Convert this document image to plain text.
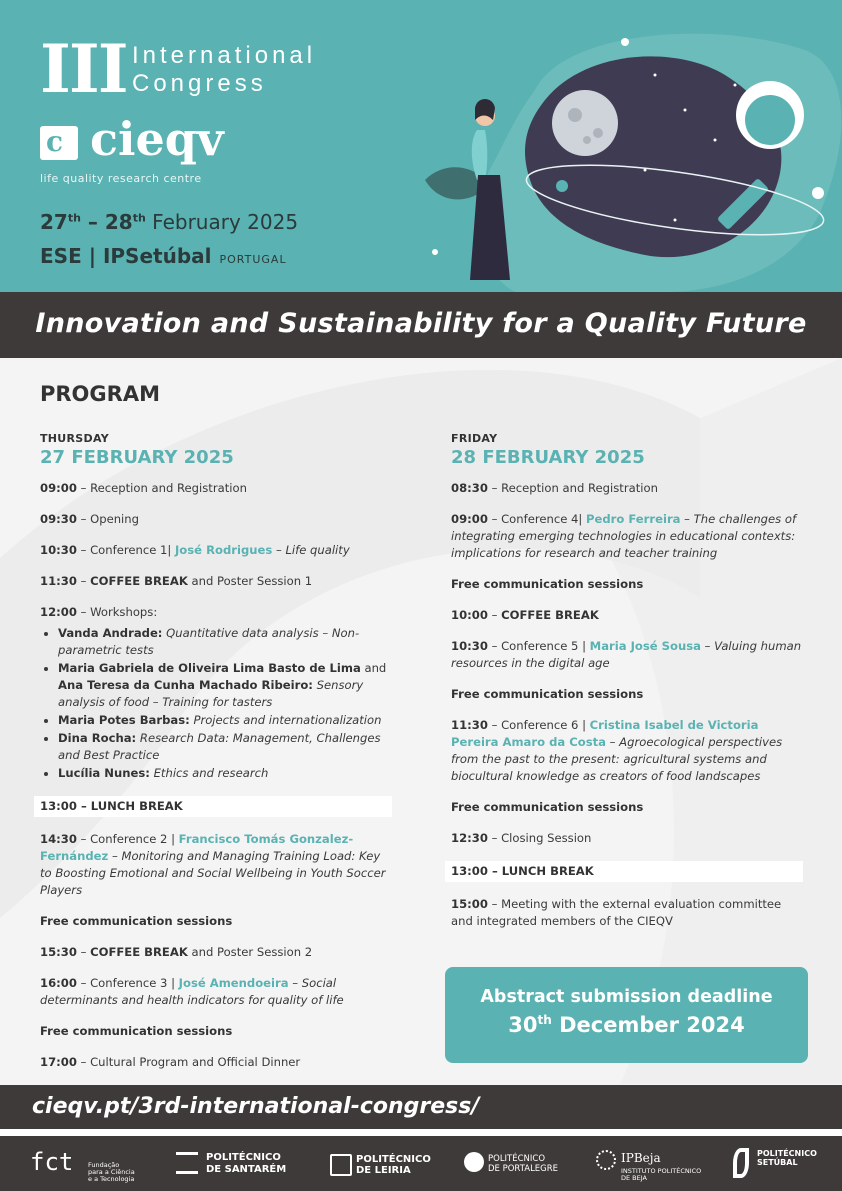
III International
Congress
c cieqv
life quality research centre
27th – 28th February 2025
ESE | IPSetúbal PORTUGAL
Innovation and Sustainability for a Quality Future
PROGRAM
THURSDAY
27 FEBRUARY 2025
09:00 – Reception and Registration
09:30 – Opening
10:30 – Conference 1| José Rodrigues – Life quality
11:30 – COFFEE BREAK and Poster Session 1
12:00 – Workshops:
• Vanda Andrade: Quantitative data analysis – Non-parametric tests
• Maria Gabriela de Oliveira Lima Basto de Lima and Ana Teresa da Cunha Machado Ribeiro: Sensory analysis of food – Training for tasters
• Maria Potes Barbas: Projects and internationalization
• Dina Rocha: Research Data: Management, Challenges and Best Practice
• Lucília Nunes: Ethics and research
13:00 – LUNCH BREAK
14:30 – Conference 2 | Francisco Tomás Gonzalez-Fernández – Monitoring and Managing Training Load: Key to Boosting Emotional and Social Wellbeing in Youth Soccer Players
Free communication sessions
15:30 – COFFEE BREAK and Poster Session 2
16:00 – Conference 3 | José Amendoeira – Social determinants and health indicators for quality of life
Free communication sessions
17:00 – Cultural Program and Official Dinner
FRIDAY
28 FEBRUARY 2025
08:30 – Reception and Registration
09:00 – Conference 4| Pedro Ferreira – The challenges of integrating emerging technologies in educational contexts: implications for research and teacher training
Free communication sessions
10:00 – COFFEE BREAK
10:30 – Conference 5 | Maria José Sousa – Valuing human resources in the digital age
Free communication sessions
11:30 – Conference 6 | Cristina Isabel de Victoria Pereira Amaro da Costa – Agroecological perspectives from the past to the present: agricultural systems and biocultural knowledge as creators of food landscapes
Free communication sessions
12:30 – Closing Session
13:00 – LUNCH BREAK
15:00 – Meeting with the external evaluation committee and integrated members of the CIEQV
Abstract submission deadline
30th December 2024
cieqv.pt/3rd-international-congress/
fct Fundação
para a Ciência
e a Tecnologia
POLITÉCNICO
DE SANTARÉM
POLITÉCNICO
DE LEIRIA
POLITÉCNICO
DE PORTALEGRE
IPBeja
INSTITUTO POLITÉCNICO
DE BEJA
POLITÉCNICO
SETÚBAL
